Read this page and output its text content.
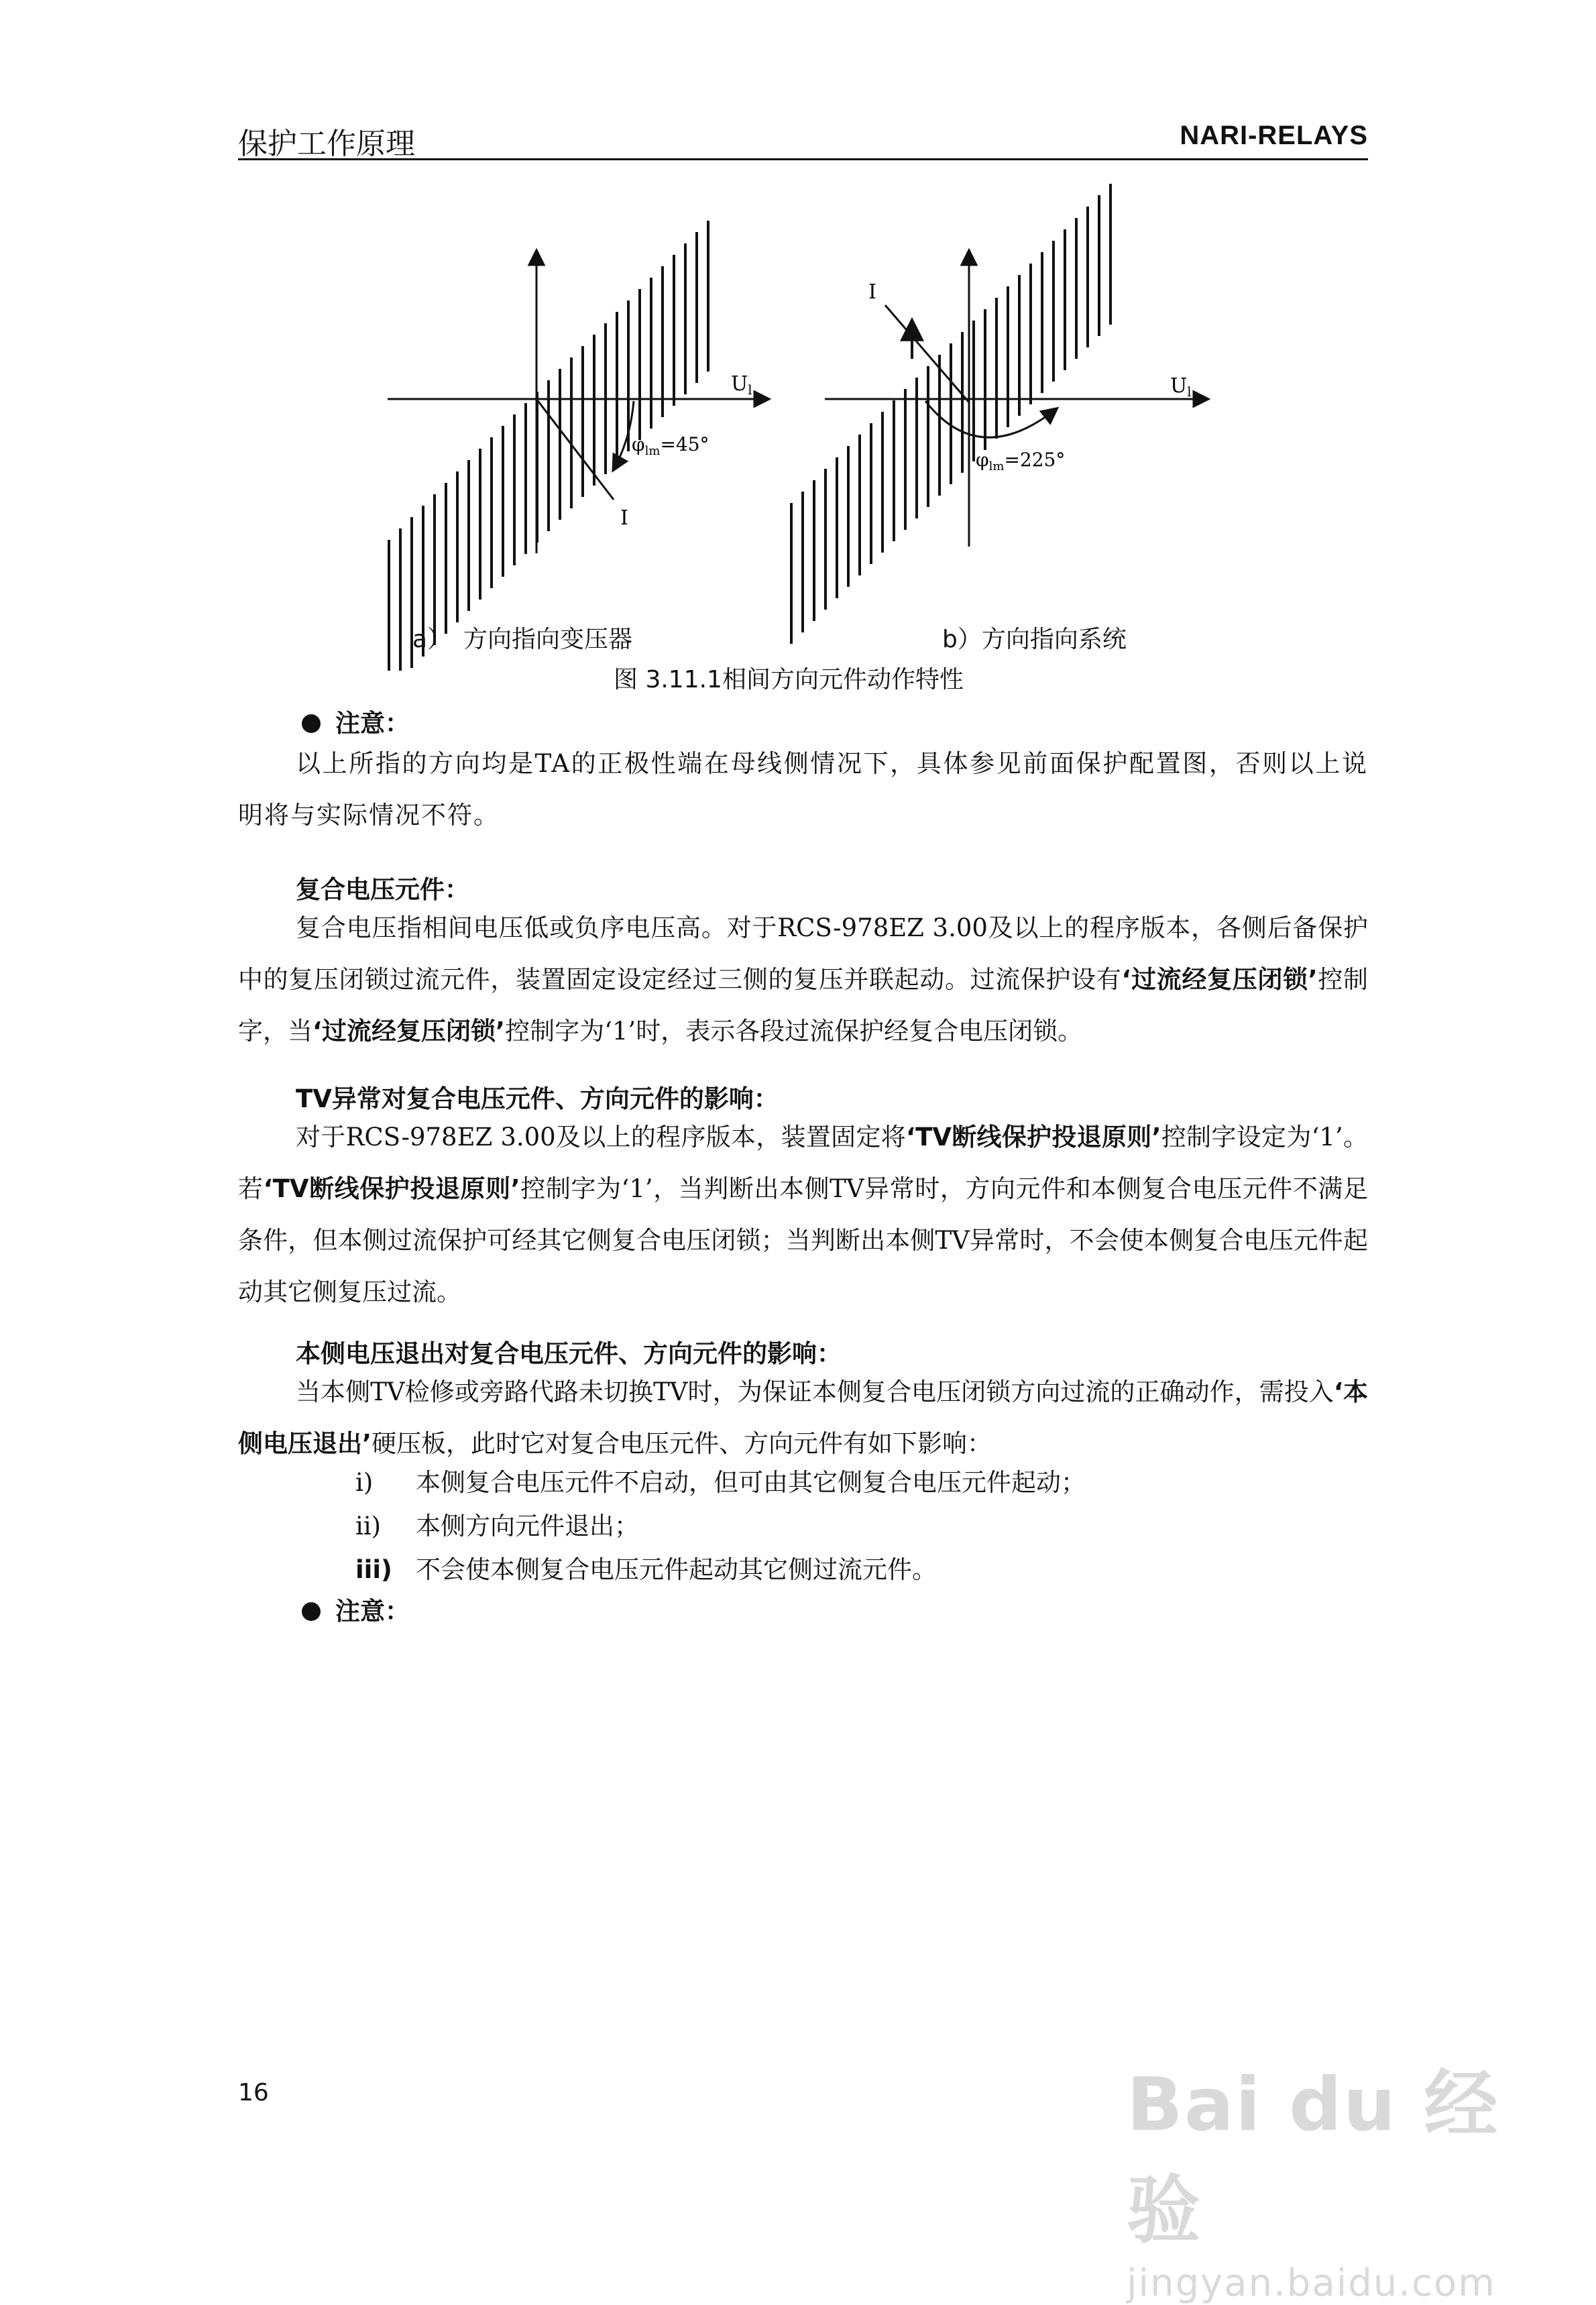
保护工作原理	NARI-RELAYS
$U_l$
I
$\varphi_{lm}=45^\circ$
$U_l$
I
$\varphi_{lm}=225^\circ$
a）　方向指向变压器	b）方向指向系统
图 3.11.1相间方向元件动作特性
注意：
以上所指的方向均是TA的正极性端在母线侧情况下，具体参见前面保护配置图，否则以上说明将与实际情况不符。
复合电压元件：
复合电压指相间电压低或负序电压高。对于RCS-978EZ 3.00及以上的程序版本，各侧后备保护中的复压闭锁过流元件，装置固定设定经过三侧的复压并联起动。过流保护设有‘过流经复压闭锁’控制字，当‘过流经复压闭锁’控制字为‘1’时，表示各段过流保护经复合电压闭锁。
TV异常对复合电压元件、方向元件的影响：
对于RCS-978EZ 3.00及以上的程序版本，装置固定将‘TV断线保护投退原则’控制字设定为‘1’。若‘TV断线保护投退原则’控制字为‘1’，当判断出本侧TV异常时，方向元件和本侧复合电压元件不满足条件，但本侧过流保护可经其它侧复合电压闭锁；当判断出本侧TV异常时，不会使本侧复合电压元件起动其它侧复压过流。
本侧电压退出对复合电压元件、方向元件的影响：
当本侧TV检修或旁路代路未切换TV时，为保证本侧复合电压闭锁方向过流的正确动作，需投入‘本侧电压退出’硬压板，此时它对复合电压元件、方向元件有如下影响：
i) 本侧复合电压元件不启动，但可由其它侧复合电压元件起动；
ii) 本侧方向元件退出；
iii) 不会使本侧复合电压元件起动其它侧过流元件。
注意：
16	Bai du 经验
jingyan.baidu.com
